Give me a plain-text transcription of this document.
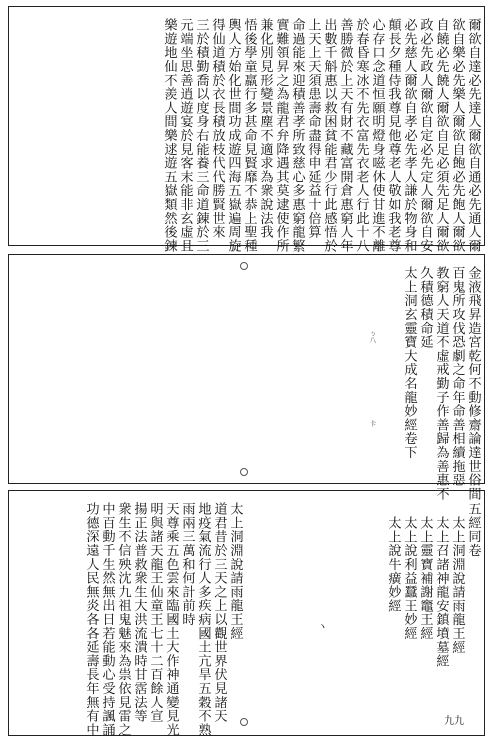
爾欲自達必先達人爾欲自通必先通人爾
欲自樂必先樂人爾欲自飽必先飽人爾欲
自饒必先饒人爾欲自足必須先足人爾欲
政必先政人爾欲自定必先定人爾欲自安
必先慈人爾欲自孝必先孝人謙於物身和
顛長夕種侍我尊見他尊老人敬如我老尊
心存口念道恒願明燈身嗞休使甘進不離
於春昏寒冰不先衣富先衣老人行此十八
善勝微於上天有財不藏富開倉惠窮人年
出數千斛惠以救困貧能君少行此感悟於
上天上天須患壽命盡得申延益十倍算
命過能來迎積善孝所致慈心多惠窮龍繁
實難領昇之為龍君弁降遇其莫逮使作所
兼化別見形變景塵不適求為衆說法我
悟後學童羸行多甚命見賢靡不恭上聖種
輿人方始化世間功成遊四海五嶽遍周旋
得仙道積於衣長積放枝代代勝賢世來
三於積勤喬以度身右能養三命道錬於三
元端坐思善逍遊宴於見客末能非玄虛且
樂遊地仙不羨人間樂逑遊五嶽類然後鍊
金液飛昇造宮乾何不動修齋論達世俗間
百鬼所攻伐恐劇之命年命善相續拖惡
教窮人天道不虛戒勤子作善歸為善惠不
久積德積命延
太上洞玄靈寶大成名龍妙經卷下
ㄅ八
卡
五經同卷
太上洞淵說請雨龍王經
太上召諸神龍安鎮墳墓經
太上靈寶補謝竈王經
太上說利益蠶王妙經
太上說牛癀妙經
太上洞淵說請雨龍王經
道君昔於三天之上以觀世界伏見諸天
地疫氣流行人多疾病國土亢旱五穀不熟
雨兩三萬和何計前時
天尊乘五色雲來臨國土大作神通變見光
明與諸天龍王仙童王七十二百餘人宣
揚正法普救衆生大洪流潰時甘霑法等
衆生不信殃沈九祖鬼魅來為祟依見雷之
中百動千生然無出日若能動心受持諷誦
功德深遠人民無炎各各延壽長年無有中	ヽ
九九
